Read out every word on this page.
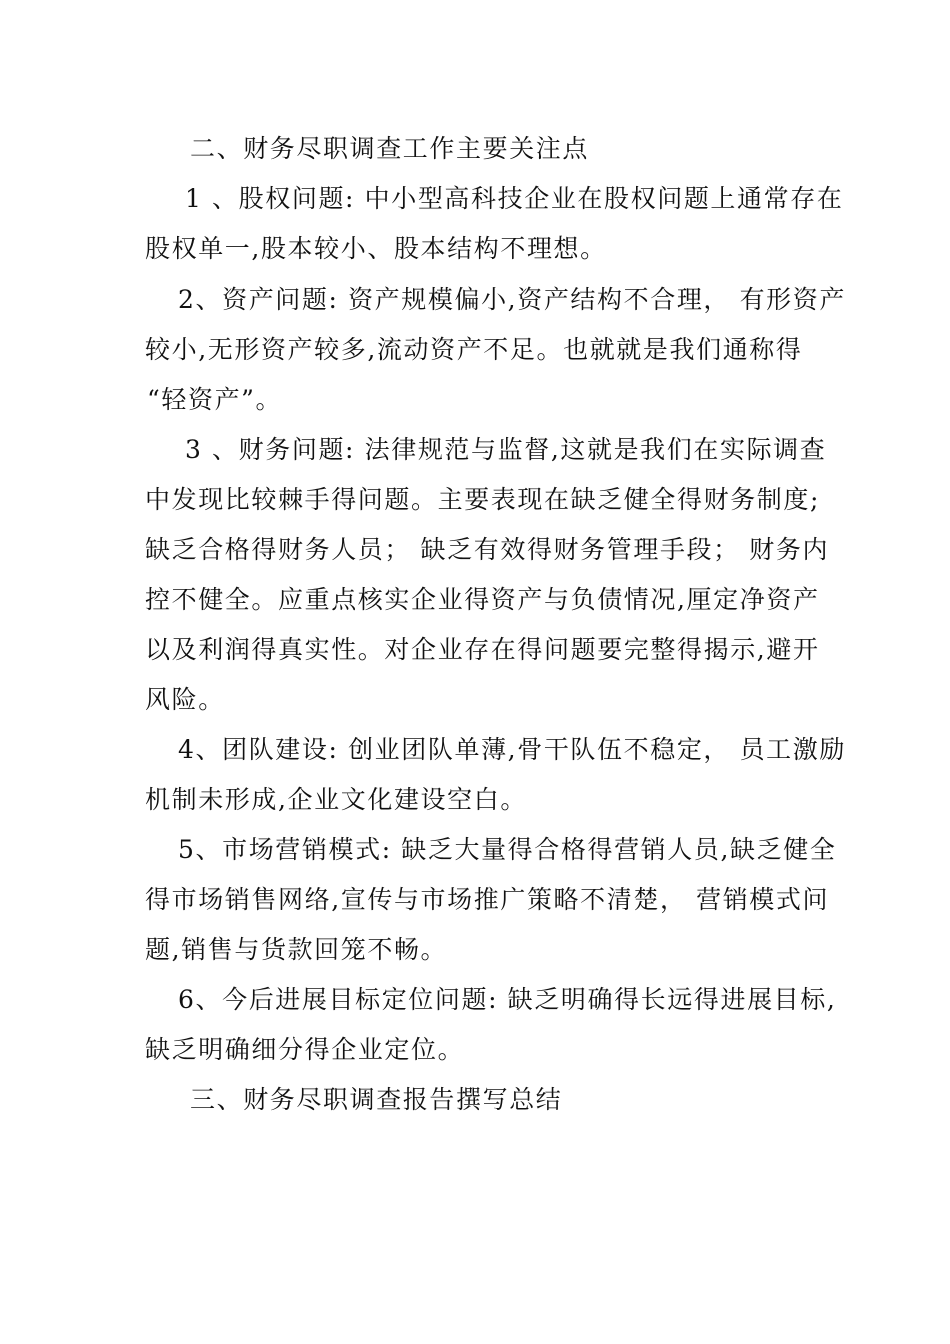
二、财务尽职调查工作主要关注点
1 、股权问题: 中小型高科技企业在股权问题上通常存在
股权单一,股本较小、股本结构不理想。
2、资产问题: 资产规模偏小,资产结构不合理， 有形资产
较小,无形资产较多,流动资产不足。也就就是我们通称得
“轻资产”。
3 、财务问题: 法律规范与监督,这就是我们在实际调查
中发现比较棘手得问题。主要表现在缺乏健全得财务制度;
缺乏合格得财务人员； 缺乏有效得财务管理手段； 财务内
控不健全。应重点核实企业得资产与负债情况,厘定净资产
以及利润得真实性。对企业存在得问题要完整得揭示,避开
风险。
4、团队建设: 创业团队单薄,骨干队伍不稳定， 员工激励
机制未形成,企业文化建设空白。
5、市场营销模式: 缺乏大量得合格得营销人员,缺乏健全
得市场销售网络,宣传与市场推广策略不清楚， 营销模式问
题,销售与货款回笼不畅。
6、今后进展目标定位问题: 缺乏明确得长远得进展目标,
缺乏明确细分得企业定位。
三、财务尽职调查报告撰写总结
